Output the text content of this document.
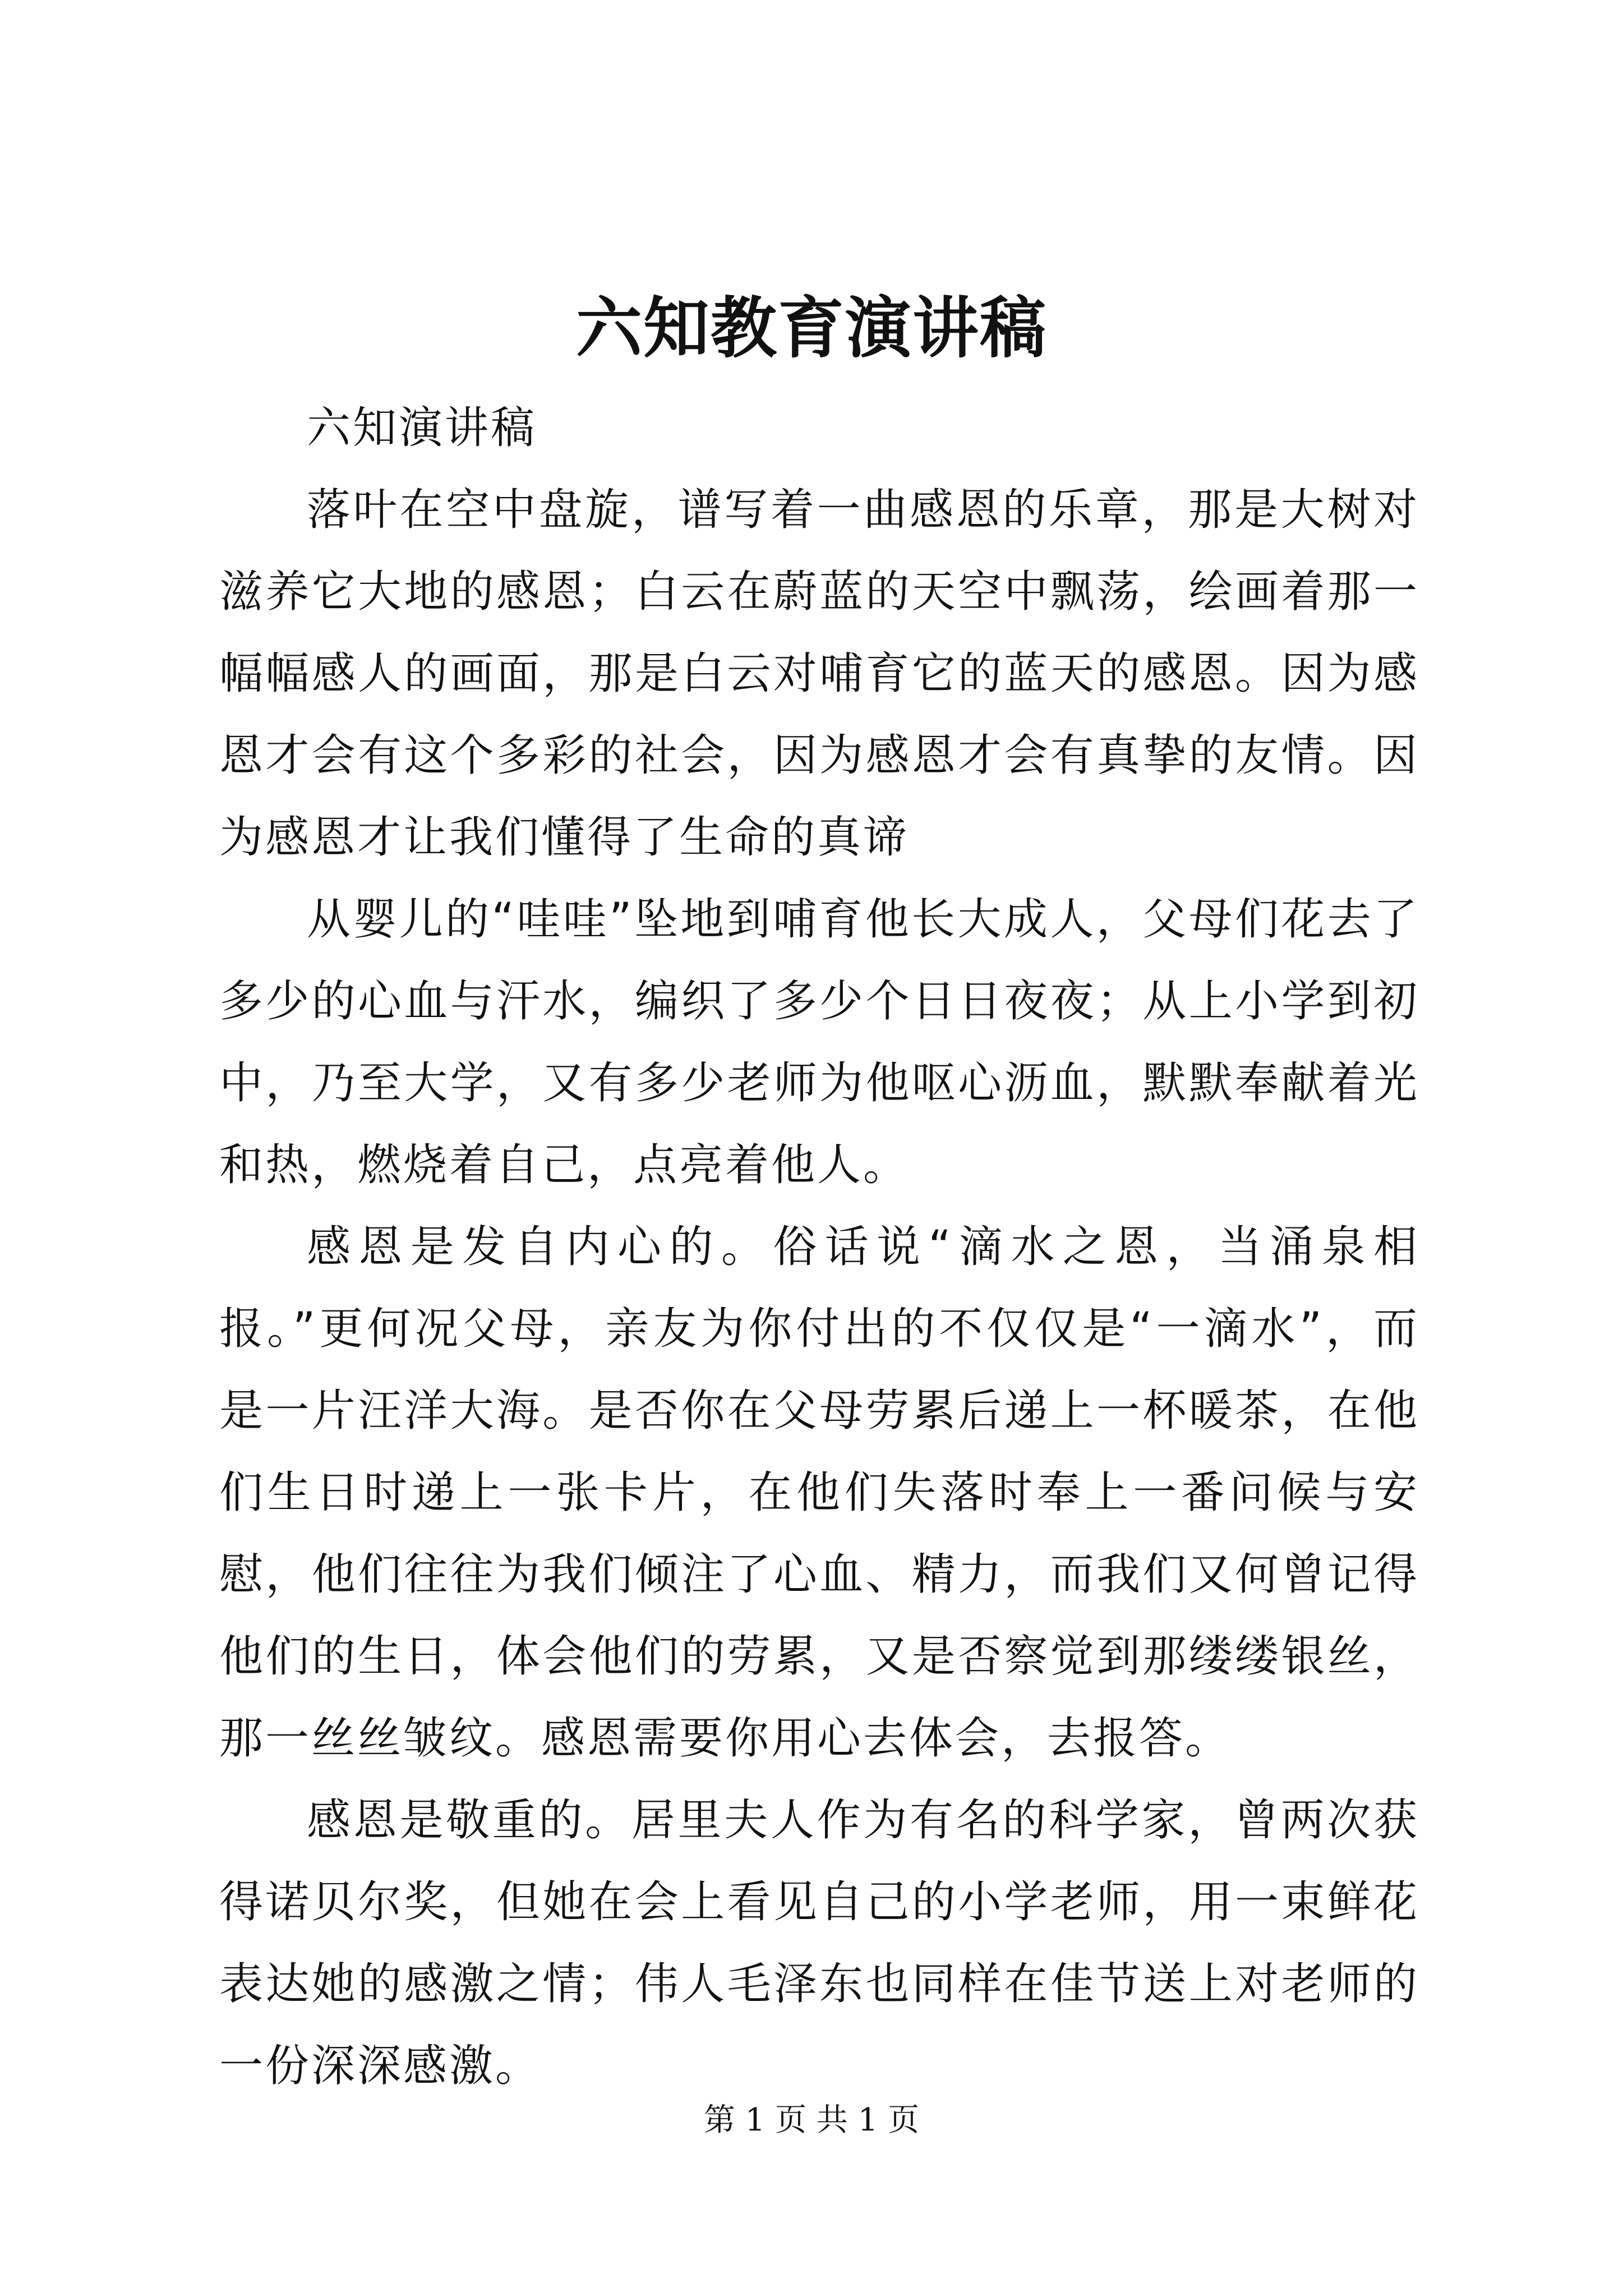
六知教育演讲稿

六知演讲稿

落叶在空中盘旋，谱写着一曲感恩的乐章，那是大树对滋养它大地的感恩；白云在蔚蓝的天空中飘荡，绘画着那一幅幅感人的画面，那是白云对哺育它的蓝天的感恩。因为感恩才会有这个多彩的社会，因为感恩才会有真挚的友情。因为感恩才让我们懂得了生命的真谛

从婴儿的“哇哇”坠地到哺育他长大成人，父母们花去了多少的心血与汗水，编织了多少个日日夜夜；从上小学到初中，乃至大学，又有多少老师为他呕心沥血，默默奉献着光和热，燃烧着自己，点亮着他人。

感恩是发自内心的。俗话说“滴水之恩，当涌泉相报。”更何况父母，亲友为你付出的不仅仅是“一滴水”，而是一片汪洋大海。是否你在父母劳累后递上一杯暖茶，在他们生日时递上一张卡片，在他们失落时奉上一番问候与安慰，他们往往为我们倾注了心血、精力，而我们又何曾记得他们的生日，体会他们的劳累，又是否察觉到那缕缕银丝，那一丝丝皱纹。感恩需要你用心去体会，去报答。

感恩是敬重的。居里夫人作为有名的科学家，曾两次获得诺贝尔奖，但她在会上看见自己的小学老师，用一束鲜花表达她的感激之情；伟人毛泽东也同样在佳节送上对老师的一份深深感激。

第 1 页 共 1 页
